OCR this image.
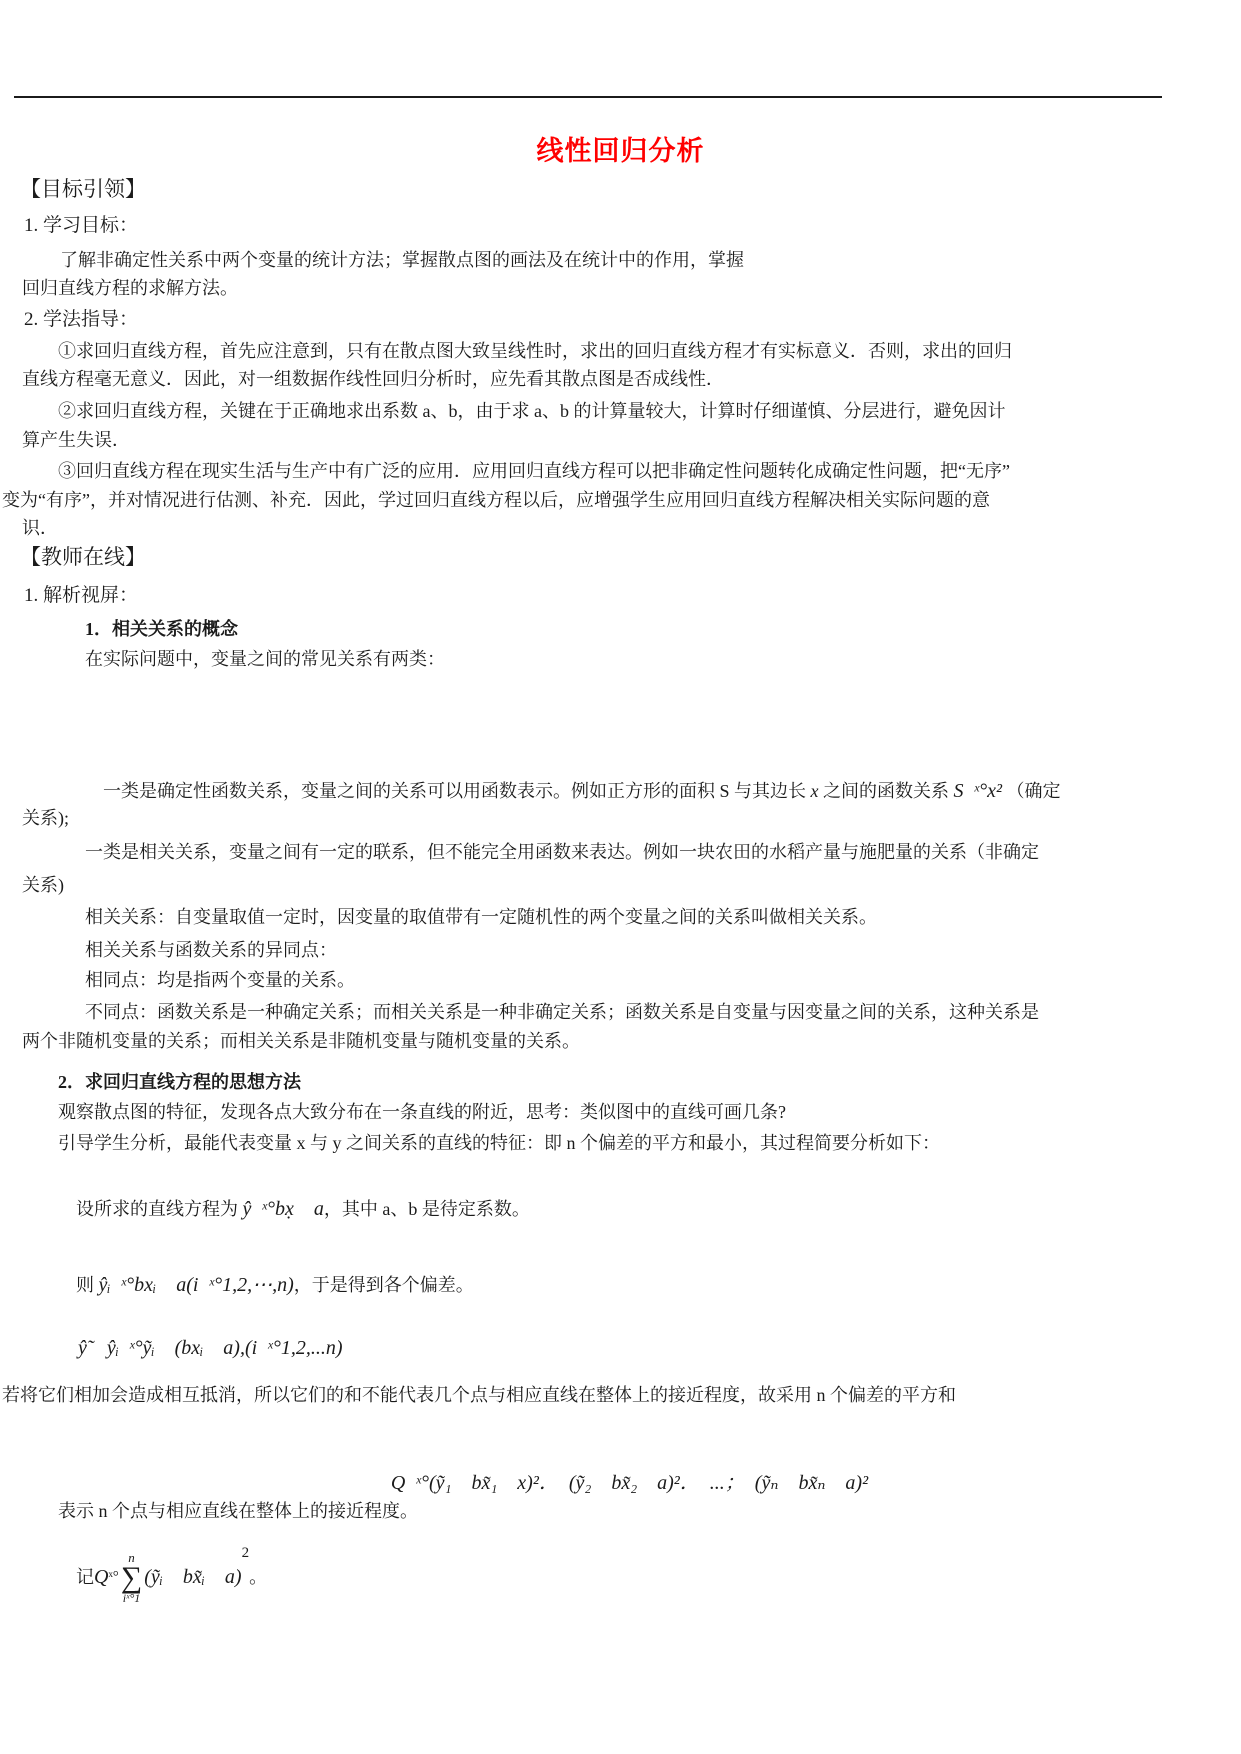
线性回归分析
【目标引领】
1. 学习目标：
了解非确定性关系中两个变量的统计方法；掌握散点图的画法及在统计中的作用，掌握
回归直线方程的求解方法。
2. 学法指导：
①求回归直线方程，首先应注意到，只有在散点图大致呈线性时，求出的回归直线方程才有实标意义．否则，求出的回归
直线方程毫无意义．因此，对一组数据作线性回归分析时，应先看其散点图是否成线性．
②求回归直线方程，关键在于正确地求出系数 a、b，由于求 a、b 的计算量较大，计算时仔细谨慎、分层进行，避免因计
算产生失误．
③回归直线方程在现实生活与生产中有广泛的应用．应用回归直线方程可以把非确定性问题转化成确定性问题，把“无序”
变为“有序”，并对情况进行估测、补充．因此，学过回归直线方程以后，应增强学生应用回归直线方程解决相关实际问题的意
识．
【教师在线】
1. 解析视屏：
1．相关关系的概念
在实际问题中，变量之间的常见关系有两类：

一类是确定性函数关系，变量之间的关系可以用函数表示。例如正方形的面积 S 与其边长 x 之间的函数关系 S ˣ°x² （确定

关系);
一类是相关关系，变量之间有一定的联系，但不能完全用函数来表达。例如一块农田的水稻产量与施肥量的关系（非确定
关系)
相关关系：自变量取值一定时，因变量的取值带有一定随机性的两个变量之间的关系叫做相关关系。
相关关系与函数关系的异同点：
相同点：均是指两个变量的关系。
不同点：函数关系是一种确定关系；而相关关系是一种非确定关系；函数关系是自变量与因变量之间的关系，这种关系是
两个非随机变量的关系；而相关关系是非随机变量与随机变量的关系。
2．求回归直线方程的思想方法
观察散点图的特征，发现各点大致分布在一条直线的附近，思考：类似图中的直线可画几条?
引导学生分析，最能代表变量 x 与 y 之间关系的直线的特征：即 n 个偏差的平方和最小，其过程简要分析如下：

设所求的直线方程为 ŷ ˣ°bx̣  a，其中 a、b 是待定系数。

则 ŷᵢ ˣ°bxᵢ  a(i ˣ°1,2,⋯,n)，于是得到各个偏差。

ŷ̃  ŷᵢ ˣ°ỹᵢ  (bxᵢ  a),(i ˣ°1,2,...n)

若将它们相加会造成相互抵消，所以它们的和不能代表几个点与相应直线在整体上的接近程度，故采用 n 个偏差的平方和

Q ˣ°(ỹ₁  bx̃₁  x)²． (ỹ₂  bx̃₂  a)²． ...； (ỹₙ  bx̃ₙ  a)²

表示 n 个点与相应直线在整体上的接近程度。

记 Q ˣ°
n
∑
iˣ°1
(ỹᵢ  bx̃ᵢ  a)
2
。
